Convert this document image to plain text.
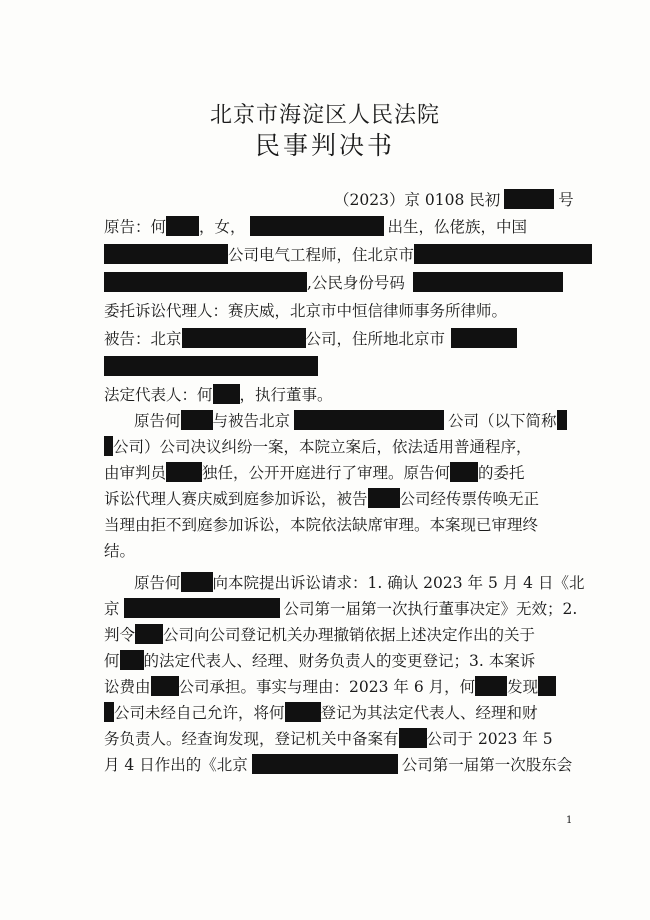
北京市海淀区人民法院
民事判决书
（2023）京 0108 民初	号
原告：何 ，女，	出生，仫佬族，中国
公司电气工程师，住北京市
,公民身份号码
委托诉讼代理人：赛庆威，北京市中恒信律师事务所律师。
被告：北京	公司，住所地北京市
法定代表人：何 ，执行董事。
原告何 与被告北京	公司（以下简称
公司）公司决议纠纷一案，本院立案后，依法适用普通程序，
由审判员 独任，公开开庭进行了审理。原告何 的委托
诉讼代理人赛庆威到庭参加诉讼，被告 公司经传票传唤无正
当理由拒不到庭参加诉讼，本院依法缺席审理。本案现已审理终
结。
原告何 向本院提出诉讼请求：1. 确认 2023 年 5 月 4 日《北
京	公司第一届第一次执行董事决定》无效；2.
判令 公司向公司登记机关办理撤销依据上述决定作出的关于
何 的法定代表人、经理、财务负责人的变更登记；3. 本案诉
讼费由 公司承担。事实与理由：2023 年 6 月，何 发现
公司未经自己允许，将何 登记为其法定代表人、经理和财
务负责人。经查询发现，登记机关中备案有 公司于 2023 年 5
月 4 日作出的《北京	公司第一届第一次股东会
1
